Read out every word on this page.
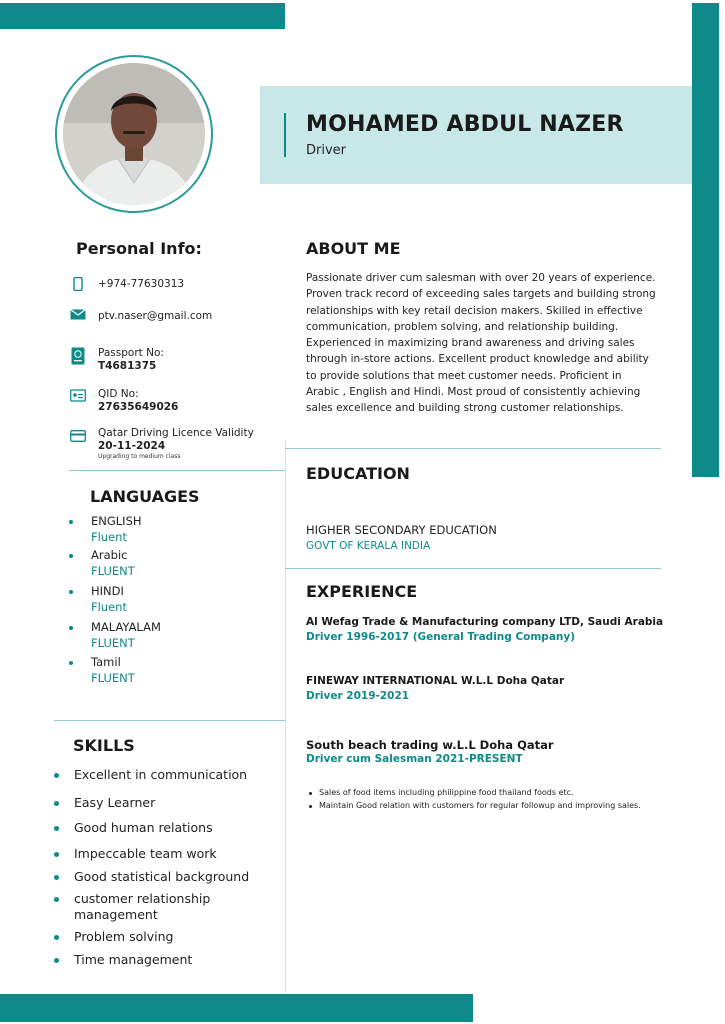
MOHAMED ABDUL NAZER
Driver
Personal Info:
+974-77630313
ptv.naser@gmail.com
Passport No:
T4681375
QID No:
27635649026
Qatar Driving Licence Validity
20-11-2024
Upgrading to medium class
LANGUAGES
ENGLISH
Fluent
Arabic
FLUENT
HINDI
Fluent
MALAYALAM
FLUENT
Tamil
FLUENT
SKILLS
Excellent in communication
Easy Learner
Good human relations
Impeccable team work
Good statistical background
customer relationship management
Problem solving
Time management
ABOUT ME
Passionate driver cum salesman with over 20 years of experience. Proven track record of exceeding sales targets and building strong relationships with key retail decision makers. Skilled in effective communication, problem solving, and relationship building. Experienced in maximizing brand awareness and driving sales through in-store actions. Excellent product knowledge and ability to provide solutions that meet customer needs. Proficient in Arabic , English and Hindi. Most proud of consistently achieving sales excellence and building strong customer relationships.
EDUCATION
HIGHER SECONDARY EDUCATION
GOVT OF KERALA INDIA
EXPERIENCE
Al Wefag Trade & Manufacturing company LTD, Saudi Arabia
Driver 1996-2017 (General Trading Company)
FINEWAY INTERNATIONAL W.L.L Doha Qatar
Driver 2019-2021
South beach trading w.L.L Doha Qatar
Driver cum Salesman 2021-PRESENT
Sales of food items including philippine food thailand foods etc.
Maintain Good relation with customers for regular followup and improving sales.
